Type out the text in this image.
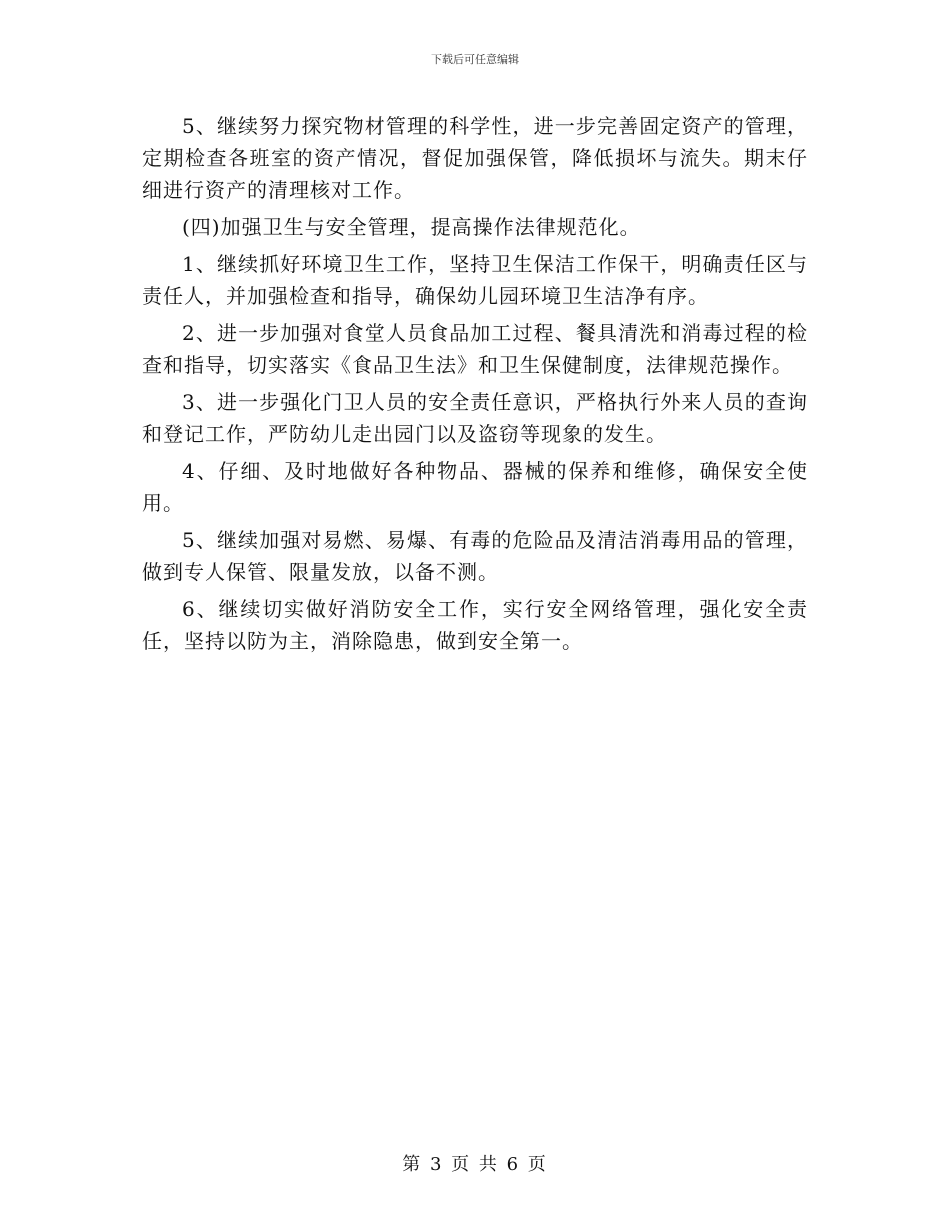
下载后可任意编辑

5、继续努力探究物材管理的科学性，进一步完善固定资产的管理，定期检查各班室的资产情况，督促加强保管，降低损坏与流失。期末仔细进行资产的清理核对工作。

(四)加强卫生与安全管理，提高操作法律规范化。

1、继续抓好环境卫生工作，坚持卫生保洁工作保干，明确责任区与责任人，并加强检查和指导，确保幼儿园环境卫生洁净有序。

2、进一步加强对食堂人员食品加工过程、餐具清洗和消毒过程的检查和指导，切实落实《食品卫生法》和卫生保健制度，法律规范操作。

3、进一步强化门卫人员的安全责任意识，严格执行外来人员的查询和登记工作，严防幼儿走出园门以及盗窃等现象的发生。

4、仔细、及时地做好各种物品、器械的保养和维修，确保安全使用。

5、继续加强对易燃、易爆、有毒的危险品及清洁消毒用品的管理，做到专人保管、限量发放，以备不测。

6、继续切实做好消防安全工作，实行安全网络管理，强化安全责任，坚持以防为主，消除隐患，做到安全第一。

第 3 页 共 6 页
